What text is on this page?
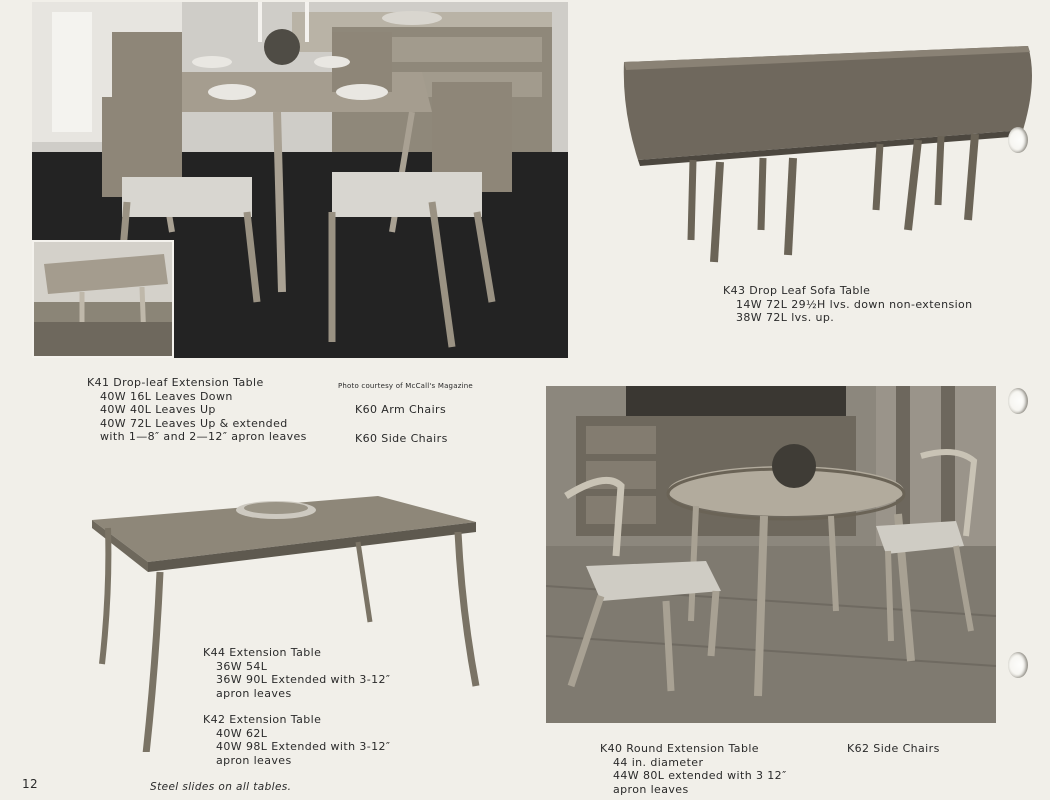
K41 Drop-leaf Extension Table
40W 16L Leaves Down
40W 40L Leaves Up
40W 72L Leaves Up & extended
with 1—8″ and 2—12″ apron leaves
Photo courtesy of McCall's Magazine
K60 Arm Chairs
K60 Side Chairs
K43 Drop Leaf Sofa Table
14W 72L 29½H lvs. down non-extension
38W 72L lvs. up.
K44 Extension Table
36W 54L
36W 90L Extended with 3-12″
apron leaves
K42 Extension Table
40W 62L
40W 98L Extended with 3-12″
apron leaves
K40 Round Extension Table
44 in. diameter
44W 80L extended with 3 12″
apron leaves
K62 Side Chairs
Steel slides on all tables.
12
